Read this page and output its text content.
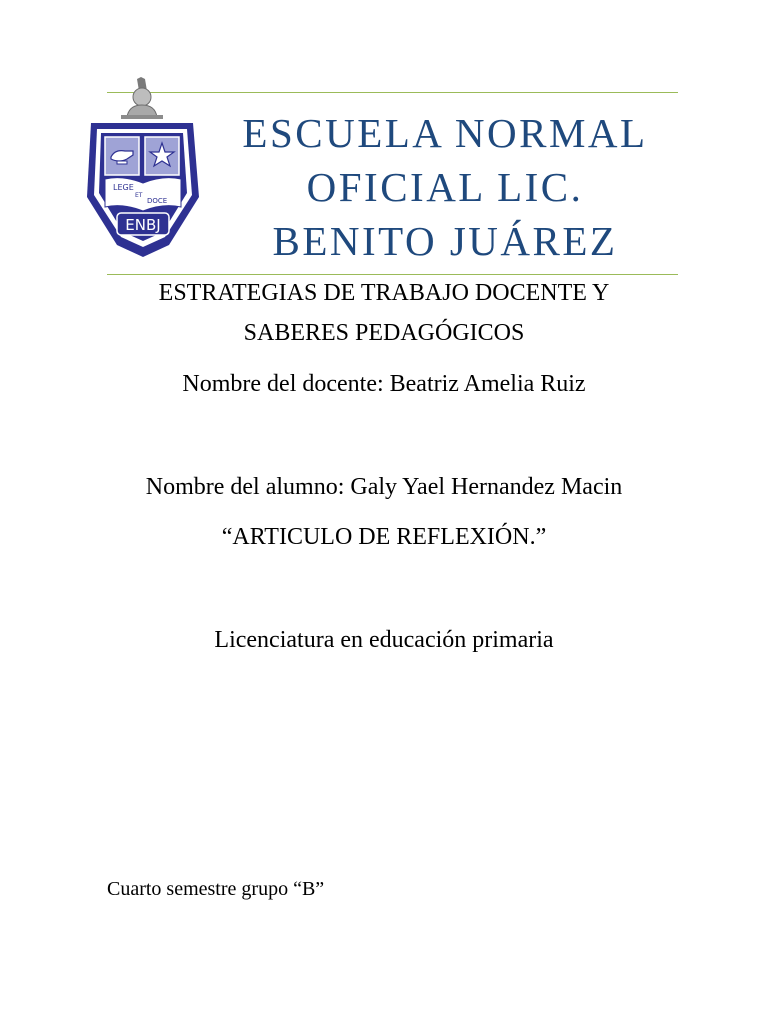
LEGE
ET
DOCE
ENBJ
ESCUELA NORMAL
OFICIAL LIC.
BENITO JUÁREZ
ESTRATEGIAS DE TRABAJO DOCENTE Y
SABERES PEDAGÓGICOS
Nombre del docente: Beatriz Amelia Ruiz
Nombre del alumno: Galy Yael Hernandez Macin
“ARTICULO DE REFLEXIÓN.”
Licenciatura en educación primaria
Cuarto semestre grupo “B”
